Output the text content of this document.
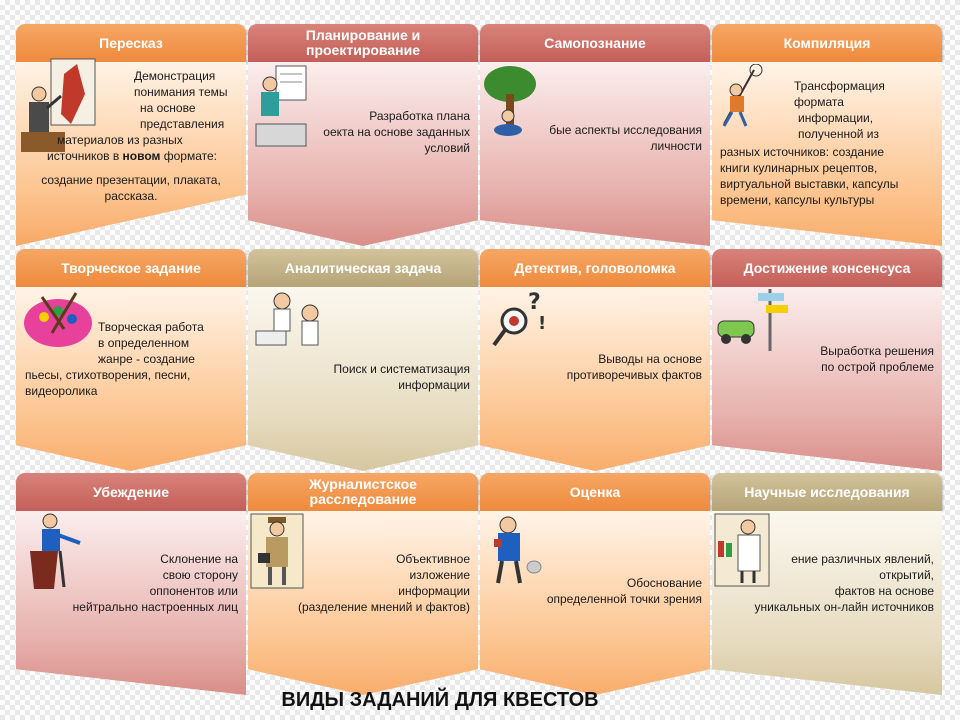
Пересказ
Демонстрация
понимания темы
на основе
представления
материалов из разных
источников в новом формате:
создание презентации, плаката,
рассказа.
Планирование и
проектирование
Разработка плана
оекта на основе заданных
условий
Самопознание
бые аспекты исследования
личности
Компиляция
Трансформация
формата
информации,
полученной из
разных источников: создание
книги кулинарных рецептов,
виртуальной выставки, капсулы
времени, капсулы культуры
Творческое задание
Творческая работа
в определенном
жанре - создание
пьесы, стихотворения, песни,
видеоролика
Аналитическая задача
Поиск и систематизация
информации
Детектив, головоломка
?
!
Выводы на основе
противоречивых фактов
Достижение консенсуса
Выработка решения
по острой проблеме
Убеждение
Склонение на
свою сторону
оппонентов или
нейтрально настроенных лиц
Журналистское
расследование
Объективное
изложение
информации
(разделение мнений и фактов)
Оценка
Обоснование
определенной точки зрения
Научные исследования
ение различных явлений,
открытий,
фактов на основе
уникальных он-лайн источников
ВИДЫ ЗАДАНИЙ ДЛЯ КВЕСТОВ
